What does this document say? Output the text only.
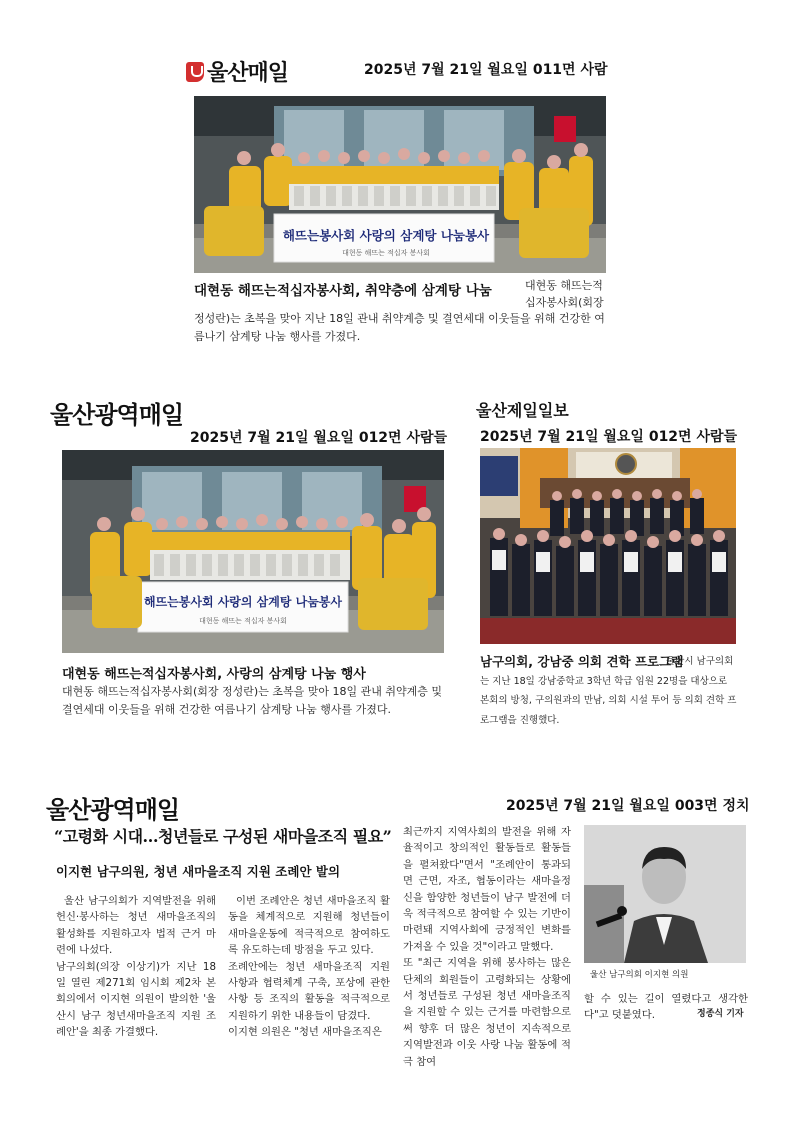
울산매일	2025년 7월 21일 월요일 011면 사람
해뜨는봉사회 사랑의 삼계탕 나눔봉사
대현동 해뜨는 적십자 봉사회
대현동 해뜨는적십자봉사회, 취약층에 삼계탕 나눔	대현동 해뜨는적 십자봉사회(회장
정성란)는 초복을 맞아 지난 18일 관내 취약계층 및 결연세대 이웃들을 위해 건강한 여름나기 삼계탕 나눔 행사를 가졌다.
울산광역매일
2025년 7월 21일 월요일 012면 사람들
해뜨는봉사회 사랑의 삼계탕 나눔봉사
대현동 해뜨는 적십자 봉사회
대현동 해뜨는적십자봉사회, 사랑의 삼계탕 나눔 행사
대현동 해뜨는적십자봉사회(회장 정성란)는 초복을 맞아 18일 관내 취약계층 및 결연세대 이웃들을 위해 건강한 여름나기 삼계탕 나눔 행사를 가졌다.
울산제일일보
2025년 7월 21일 월요일 012면 사람들
남구의회, 강남중 의회 견학 프로그램
울산시 남구의회는 지난 18일 강남중학교 3학년 학급 임원 22명을 대상으로 본회의 방청, 구의원과의 만남, 의회 시설 투어 등 의회 견학 프로그램을 진행했다.
울산광역매일	2025년 7월 21일 월요일 003면 정치
“고령화 시대…청년들로 구성된 새마을조직 필요”
이지현 남구의원, 청년 새마을조직 지원 조례안 발의
울산 남구의회가 지역발전을 위해 헌신·봉사하는 청년 새마을조직의 활성화를 지원하고자 법적 근거 마련에 나섰다.
남구의회(의장 이상기)가 지난 18일 열린 제271회 임시회 제2차 본회의에서 이지현 의원이 발의한 '울산시 남구 청년새마을조직 지원 조례안'을 최종 가결했다.
이번 조례안은 청년 새마을조직 활동을 체계적으로 지원해 청년들이 새마을운동에 적극적으로 참여하도록 유도하는데 방점을 두고 있다.
조례안에는 청년 새마을조직 지원 사항과 협력체계 구축, 포상에 관한 사항 등 조직의 활동을 적극적으로 지원하기 위한 내용들이 담겼다.
이지현 의원은 "청년 새마을조직은
최근까지 지역사회의 발전을 위해 자율적이고 창의적인 활동들로 활동들을 펼쳐왔다"면서 "조례안이 통과되면 근면, 자조, 협동이라는 새마을정신을 함양한 청년들이 남구 발전에 더욱 적극적으로 참여할 수 있는 기반이 마련돼 지역사회에 긍정적인 변화를 가져올 수 있을 것"이라고 말했다.
또 "최근 지역을 위해 봉사하는 많은 단체의 회원들이 고령화되는 상황에서 청년들로 구성된 청년 새마을조직을 지원할 수 있는 근거를 마련함으로써 향후 더 많은 청년이 지속적으로 지역발전과 이웃 사랑 나눔 활동에 적극 참여
울산 남구의회 이지현 의원
할 수 있는 길이 열렸다고 생각한다"고 덧붙였다.	정종식 기자
